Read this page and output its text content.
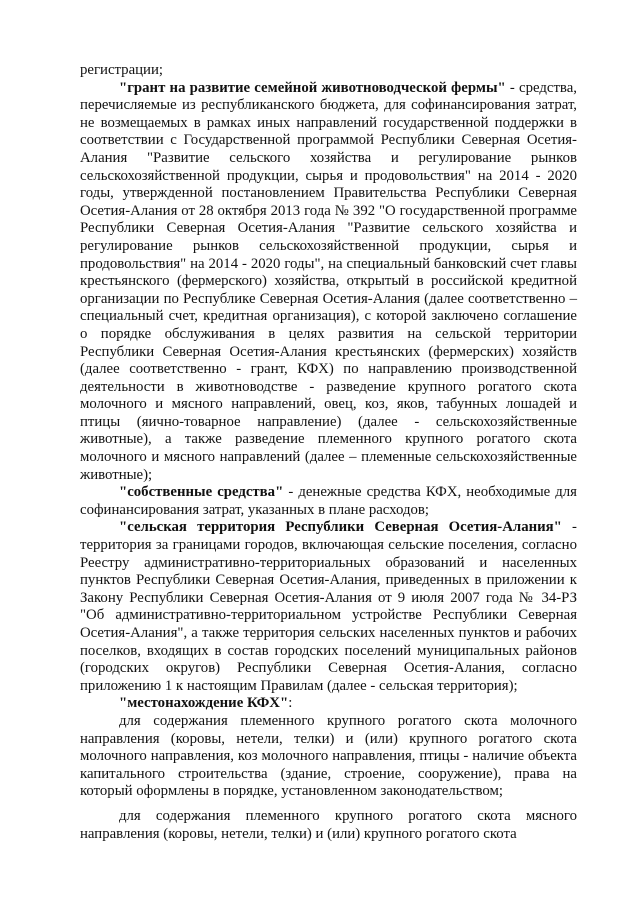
регистрации;

"грант на развитие семейной животноводческой фермы" - средства, перечисляемые из республиканского бюджета, для софинансирования затрат, не возмещаемых в рамках иных направлений государственной поддержки в соответствии с Государственной программой Республики Северная Осетия-Алания "Развитие сельского хозяйства и регулирование рынков сельскохозяйственной продукции, сырья и продовольствия" на 2014 - 2020 годы, утвержденной постановлением Правительства Республики Северная Осетия-Алания от 28 октября 2013 года № 392 "О государственной программе Республики Северная Осетия-Алания "Развитие сельского хозяйства и регулирование рынков сельскохозяйственной продукции, сырья и продовольствия" на 2014 - 2020 годы", на специальный банковский счет главы крестьянского (фермерского) хозяйства, открытый в российской кредитной организации по Республике Северная Осетия-Алания (далее соответственно – специальный счет, кредитная организация), с которой заключено соглашение о порядке обслуживания в целях развития на сельской территории Республики Северная Осетия-Алания крестьянских (фермерских) хозяйств (далее соответственно - грант, КФХ) по направлению производственной деятельности в животноводстве - разведение крупного рогатого скота молочного и мясного направлений, овец, коз, яков, табунных лошадей и птицы (яично-товарное направление) (далее - сельскохозяйственные животные), а также разведение племенного крупного рогатого скота молочного и мясного направлений (далее – племенные сельскохозяйственные животные);

"собственные средства" - денежные средства КФХ, необходимые для софинансирования затрат, указанных в плане расходов;

"сельская территория Республики Северная Осетия-Алания" - территория за границами городов, включающая сельские поселения, согласно Реестру административно-территориальных образований и населенных пунктов Республики Северная Осетия-Алания, приведенных в приложении к Закону Республики Северная Осетия-Алания от 9 июля 2007 года № 34-РЗ "Об административно-территориальном устройстве Республики Северная Осетия-Алания", а также территория сельских населенных пунктов и рабочих поселков, входящих в состав городских поселений муниципальных районов (городских округов) Республики Северная Осетия-Алания, согласно приложению 1 к настоящим Правилам (далее - сельская территория);

"местонахождение КФХ":

для содержания племенного крупного рогатого скота молочного направления (коровы, нетели, телки) и (или) крупного рогатого скота молочного направления, коз молочного направления, птицы - наличие объекта капитального строительства (здание, строение, сооружение), права на который оформлены в порядке, установленном законодательством;

для содержания племенного крупного рогатого скота мясного направления (коровы, нетели, телки) и (или) крупного рогатого скота
